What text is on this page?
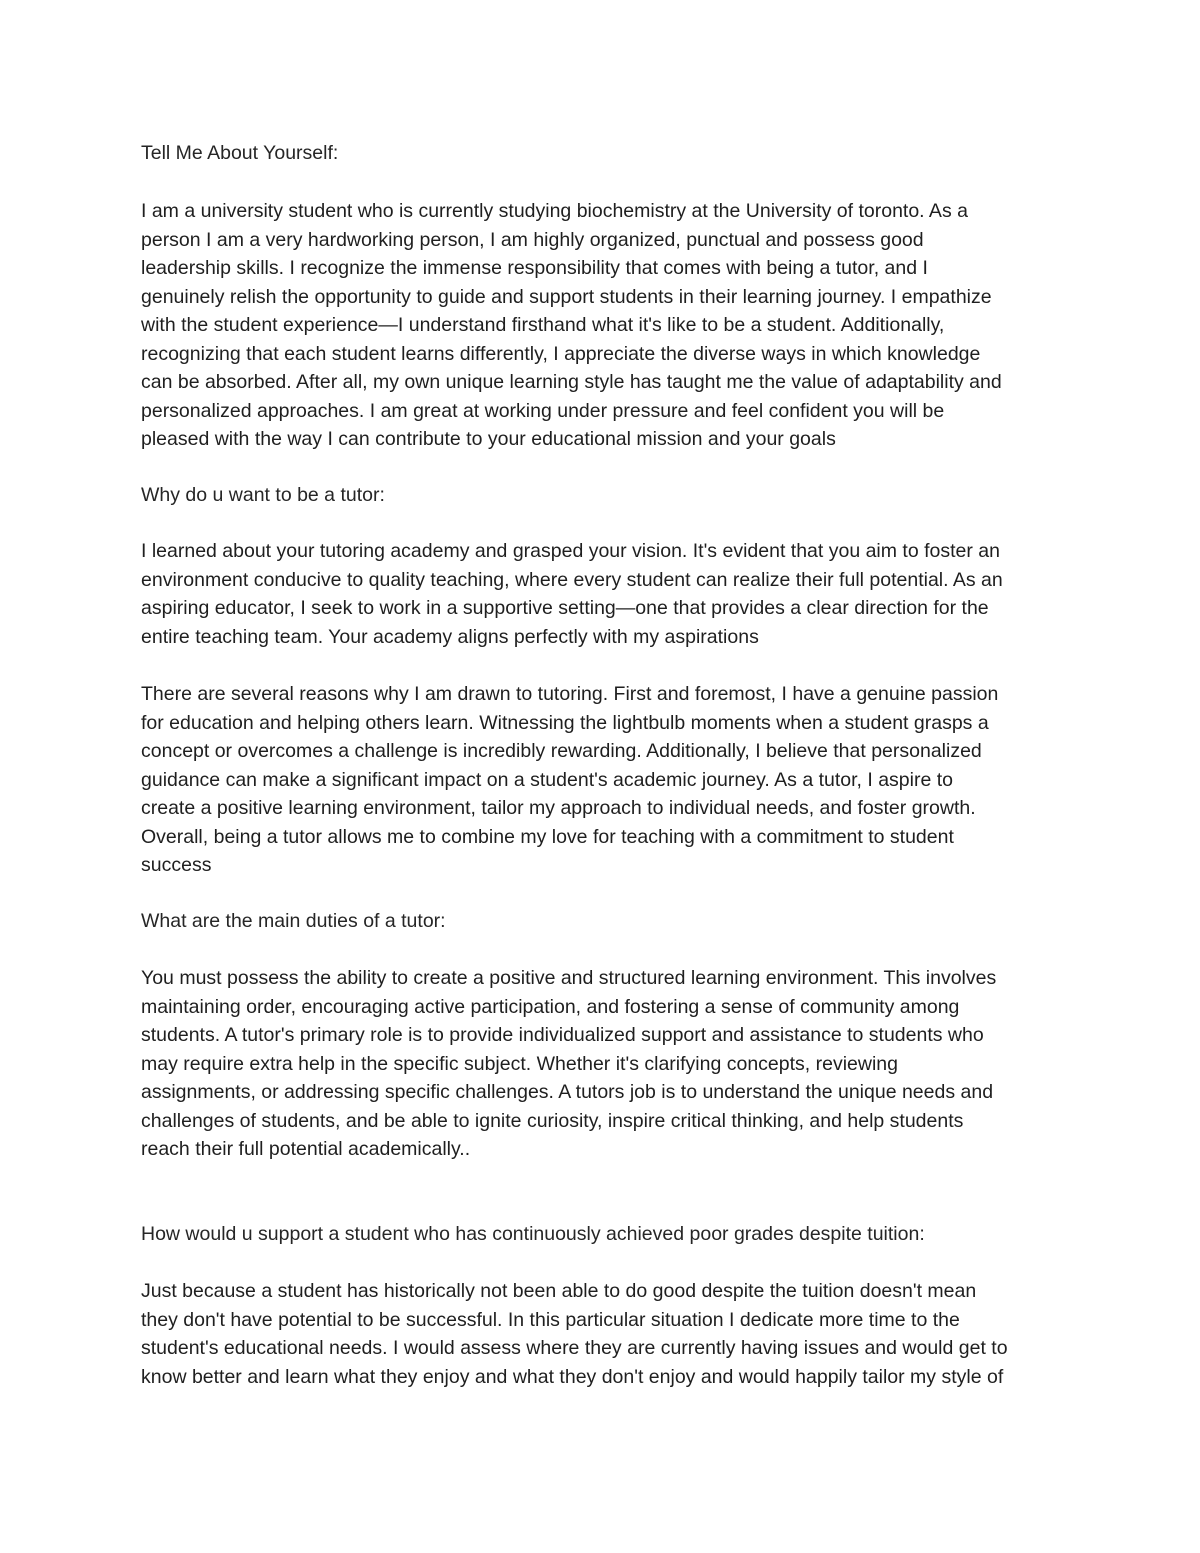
Tell Me About Yourself:
I am a university student who is currently studying biochemistry at the University of toronto. As a
person I am a very hardworking person, I am highly organized, punctual and possess good
leadership skills. I recognize the immense responsibility that comes with being a tutor, and I
genuinely relish the opportunity to guide and support students in their learning journey. I empathize
with the student experience—I understand firsthand what it's like to be a student. Additionally,
recognizing that each student learns differently, I appreciate the diverse ways in which knowledge
can be absorbed. After all, my own unique learning style has taught me the value of adaptability and
personalized approaches. I am great at working under pressure and feel confident you will be
pleased with the way I can contribute to your educational mission and your goals
Why do u want to be a tutor:
I learned about your tutoring academy and grasped your vision. It's evident that you aim to foster an
environment conducive to quality teaching, where every student can realize their full potential. As an
aspiring educator, I seek to work in a supportive setting—one that provides a clear direction for the
entire teaching team. Your academy aligns perfectly with my aspirations
There are several reasons why I am drawn to tutoring. First and foremost, I have a genuine passion
for education and helping others learn. Witnessing the lightbulb moments when a student grasps a
concept or overcomes a challenge is incredibly rewarding. Additionally, I believe that personalized
guidance can make a significant impact on a student's academic journey. As a tutor, I aspire to
create a positive learning environment, tailor my approach to individual needs, and foster growth.
Overall, being a tutor allows me to combine my love for teaching with a commitment to student
success
What are the main duties of a tutor:
You must possess the ability to create a positive and structured learning environment. This involves
maintaining order, encouraging active participation, and fostering a sense of community among
students. A tutor's primary role is to provide individualized support and assistance to students who
may require extra help in the specific subject. Whether it's clarifying concepts, reviewing
assignments, or addressing specific challenges. A tutors job is to understand the unique needs and
challenges of students, and be able to ignite curiosity, inspire critical thinking, and help students
reach their full potential academically..
How would u support a student who has continuously achieved poor grades despite tuition:
Just because a student has historically not been able to do good despite the tuition doesn't mean
they don't have potential to be successful. In this particular situation I dedicate more time to the
student's educational needs. I would assess where they are currently having issues and would get to
know better and learn what they enjoy and what they don't enjoy and would happily tailor my style of
